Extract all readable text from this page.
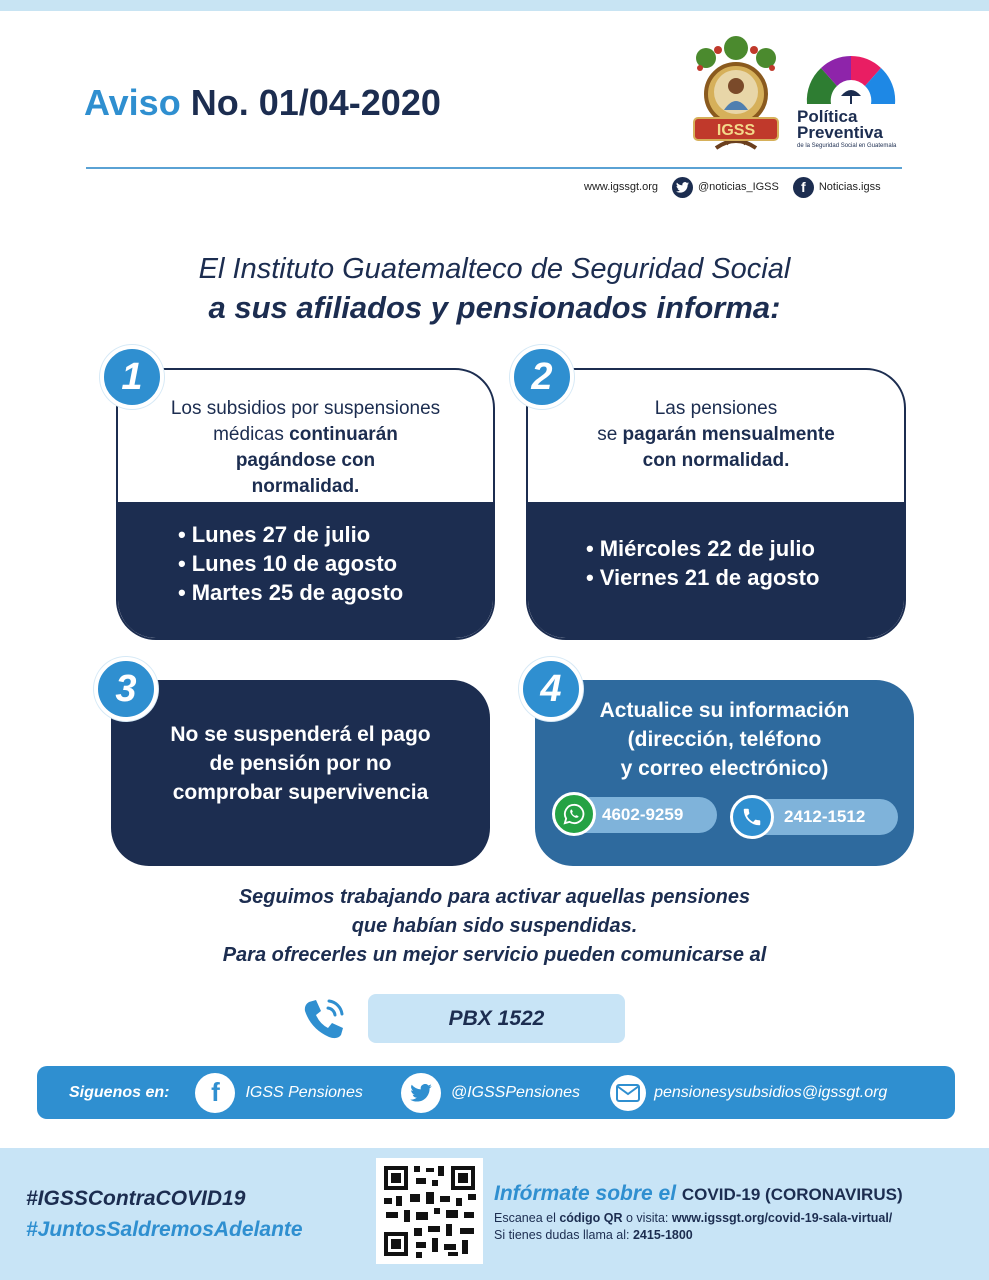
Aviso No. 01/04-2020
IGSS
Política
Preventiva
de la Seguridad Social en Guatemala
www.igssgt.org	@noticias_IGSS	f	Noticias.igss
El Instituto Guatemalteco de Seguridad Social
a sus afiliados y pensionados informa:
Los subsidios por suspensiones
médicas continuarán
pagándose con
normalidad.
• Lunes 27 de julio
• Lunes 10 de agosto
• Martes 25 de agosto
1
Las pensiones
se pagarán mensualmente
con normalidad.
• Miércoles 22 de julio
• Viernes 21 de agosto
2
No se suspenderá el pago
de pensión por no
comprobar supervivencia
3
Actualice su información
(dirección, teléfono
y correo electrónico)
4
4602-9259	2412-1512
Seguimos trabajando para activar aquellas pensiones
que habían sido suspendidas.
Para ofrecerles un mejor servicio pueden comunicarse al
PBX 1522
Siguenos en:	f	IGSS Pensiones	@IGSSPensiones	pensionesysubsidios@igssgt.org
#IGSSContraCOVID19
#JuntosSaldremosAdelante
Infórmate sobre el COVID-19 (CORONAVIRUS)
Escanea el código QR o visita: www.igssgt.org/covid-19-sala-virtual/
Si tienes dudas llama al: 2415-1800
